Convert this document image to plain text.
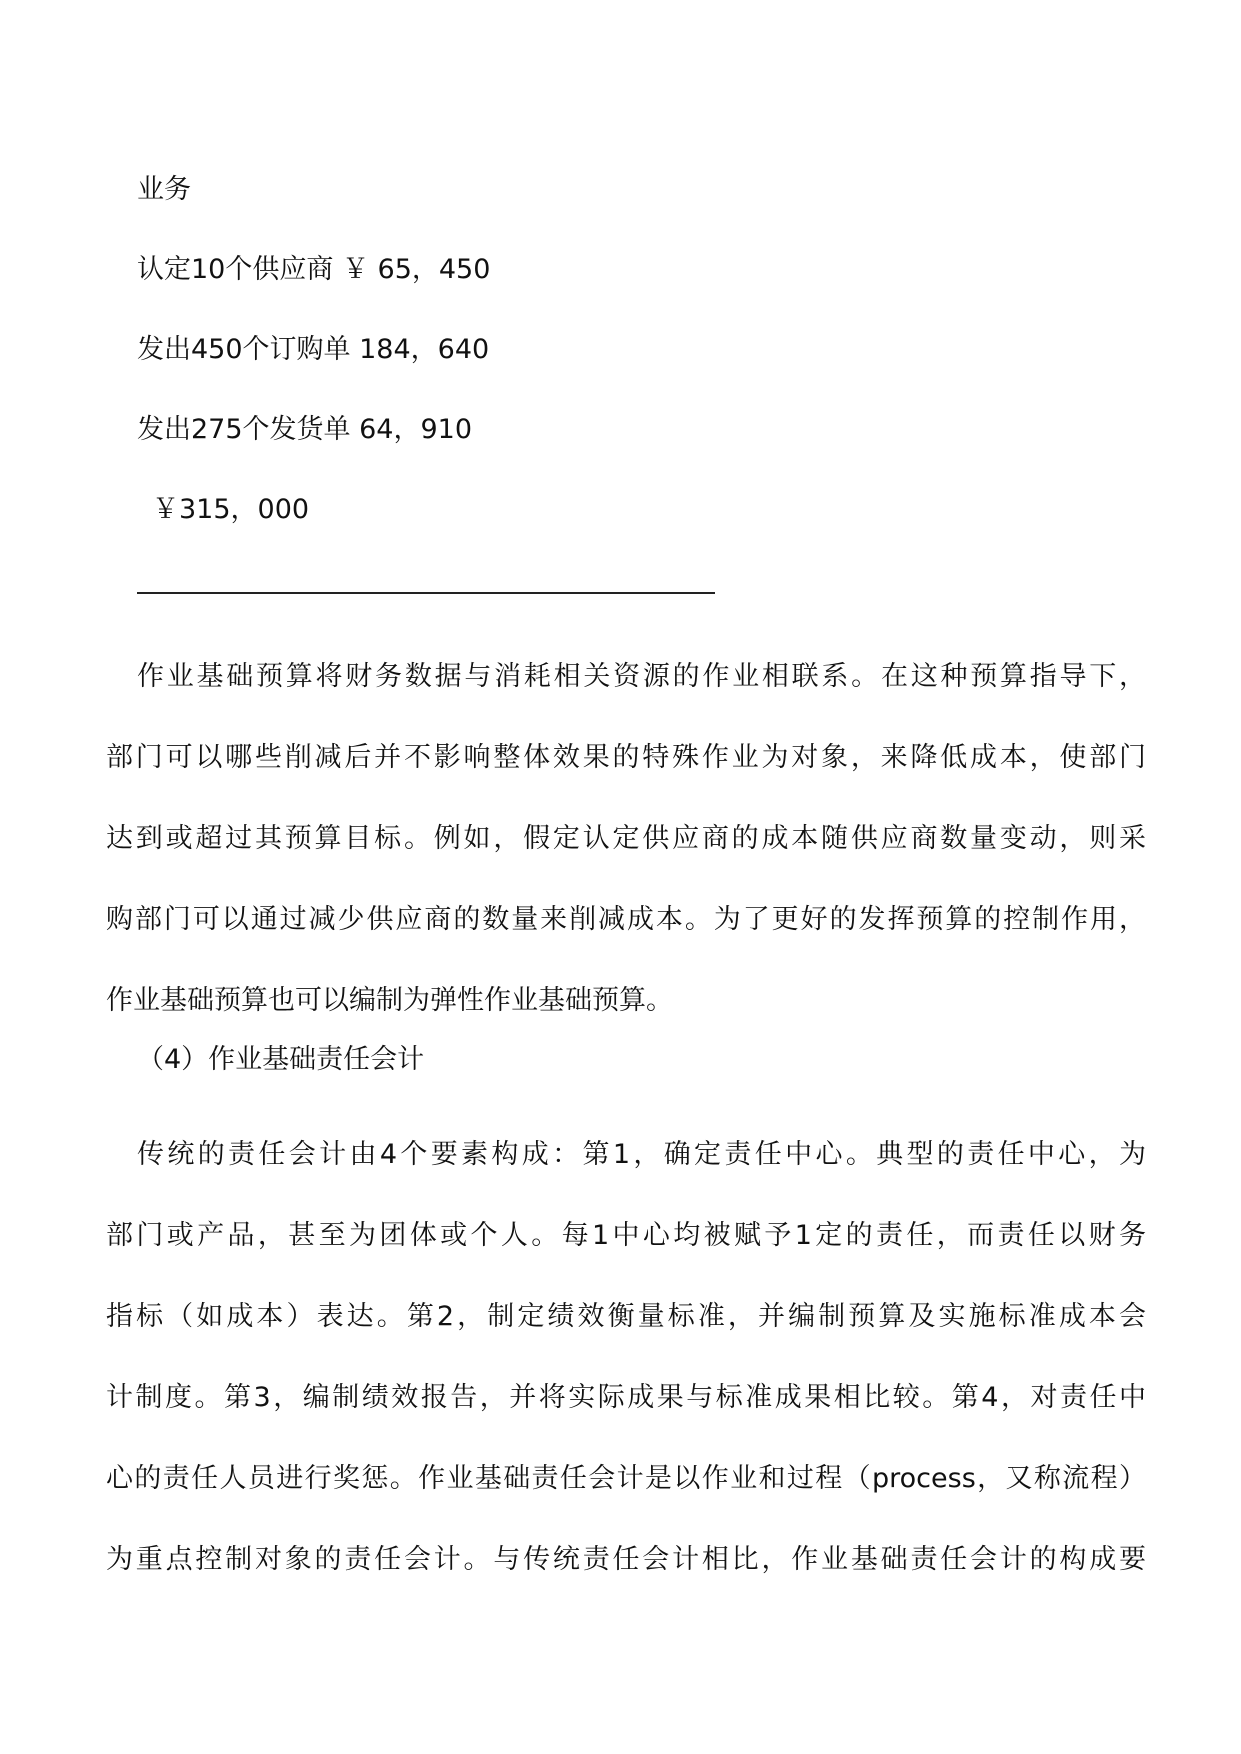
业务
认定10个供应商 ￥ 65，450
发出450个订购单 184，640
发出275个发货单 64，910
￥315，000
作业基础预算将财务数据与消耗相关资源的作业相联系。在这种预算指导下，
部门可以哪些削减后并不影响整体效果的特殊作业为对象，来降低成本，使部门
达到或超过其预算目标。例如，假定认定供应商的成本随供应商数量变动，则采
购部门可以通过减少供应商的数量来削减成本。为了更好的发挥预算的控制作用，
作业基础预算也可以编制为弹性作业基础预算。
（4）作业基础责任会计
传统的责任会计由4个要素构成：第1，确定责任中心。典型的责任中心，为
部门或产品，甚至为团体或个人。每1中心均被赋予1定的责任，而责任以财务
指标（如成本）表达。第2，制定绩效衡量标准，并编制预算及实施标准成本会
计制度。第3，编制绩效报告，并将实际成果与标准成果相比较。第4，对责任中
心的责任人员进行奖惩。作业基础责任会计是以作业和过程（process，又称流程）
为重点控制对象的责任会计。与传统责任会计相比，作业基础责任会计的构成要
